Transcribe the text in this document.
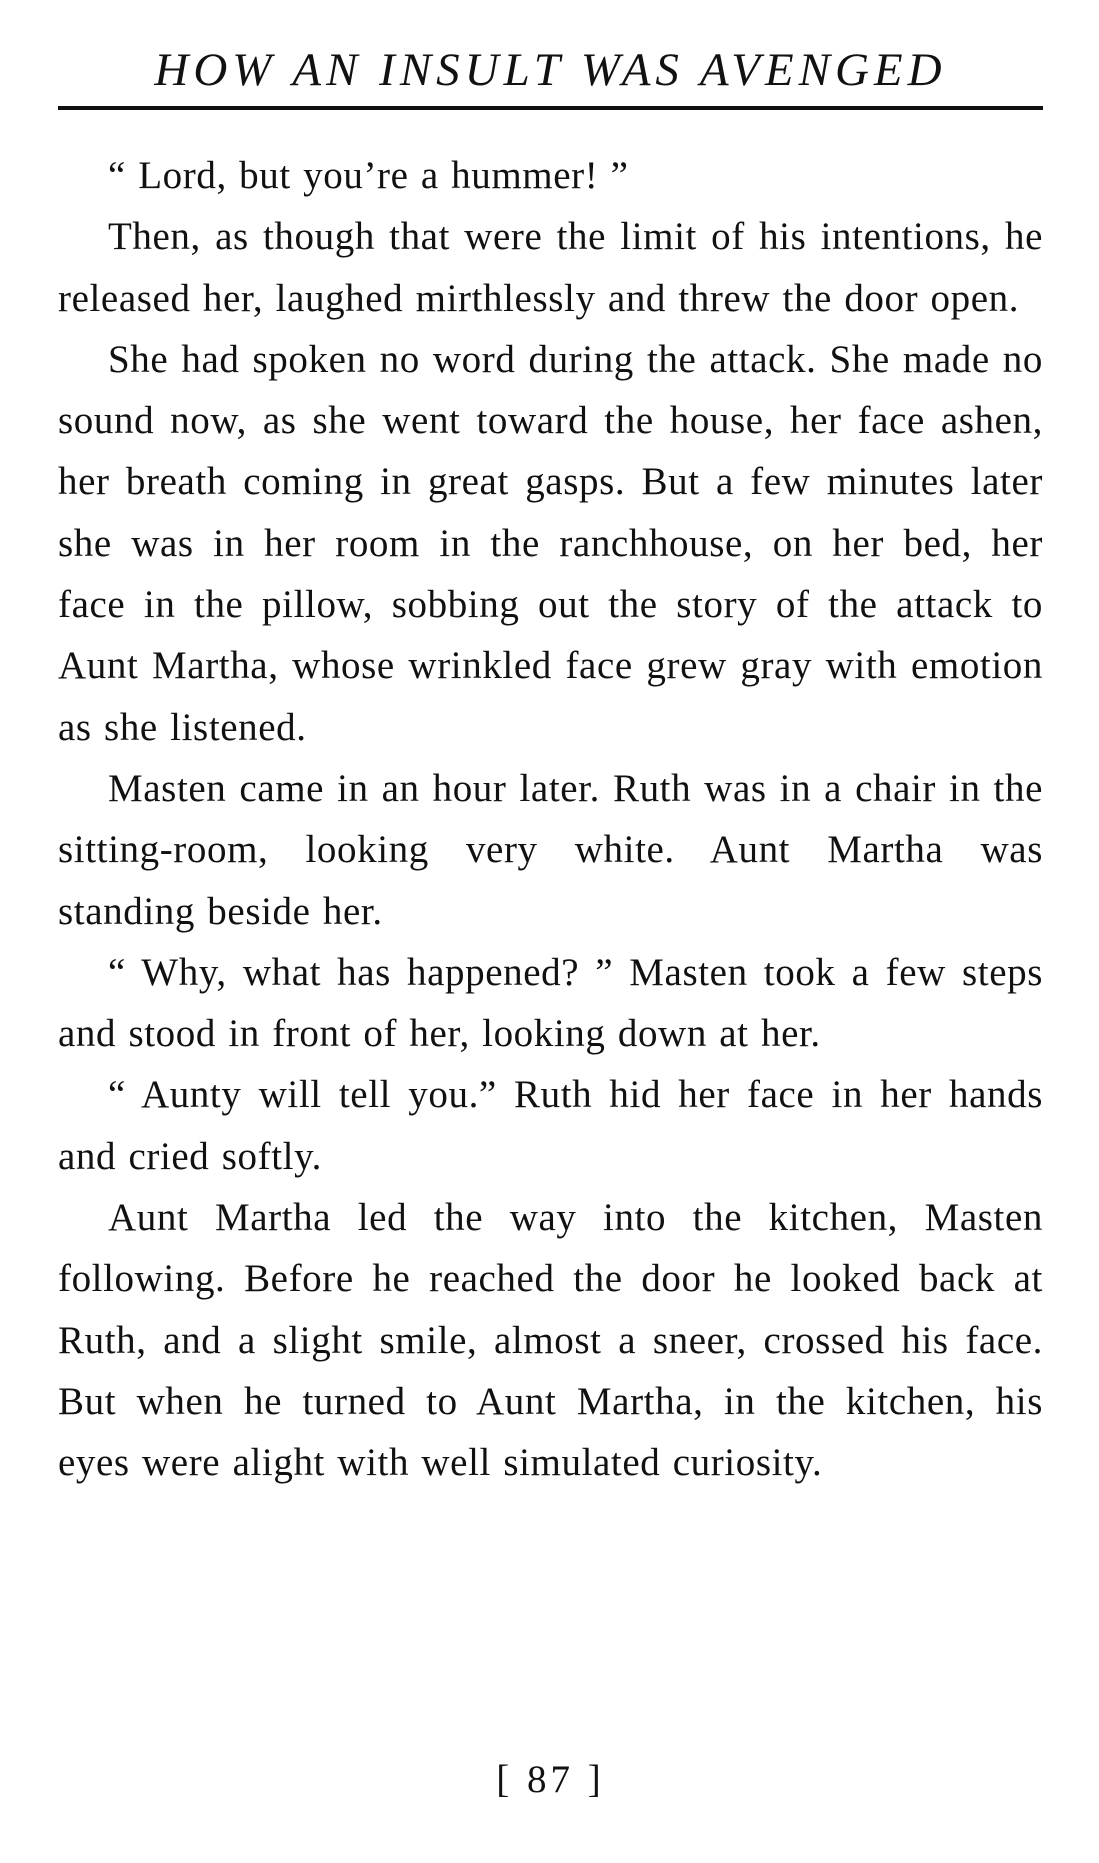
HOW AN INSULT WAS AVENGED

“ Lord, but you’re a hummer! ”

Then, as though that were the limit of his intentions, he released her, laughed mirthlessly and threw the door open.

She had spoken no word during the attack. She made no sound now, as she went toward the house, her face ashen, her breath coming in great gasps. But a few minutes later she was in her room in the ranchhouse, on her bed, her face in the pillow, sobbing out the story of the attack to Aunt Martha, whose wrinkled face grew gray with emotion as she listened.

Masten came in an hour later. Ruth was in a chair in the sitting-room, looking very white. Aunt Martha was standing beside her.

“ Why, what has happened? ” Masten took a few steps and stood in front of her, looking down at her.

“ Aunty will tell you.” Ruth hid her face in her hands and cried softly.

Aunt Martha led the way into the kitchen, Masten following. Before he reached the door he looked back at Ruth, and a slight smile, almost a sneer, crossed his face. But when he turned to Aunt Martha, in the kitchen, his eyes were alight with well simulated curiosity.

[ 87 ]
